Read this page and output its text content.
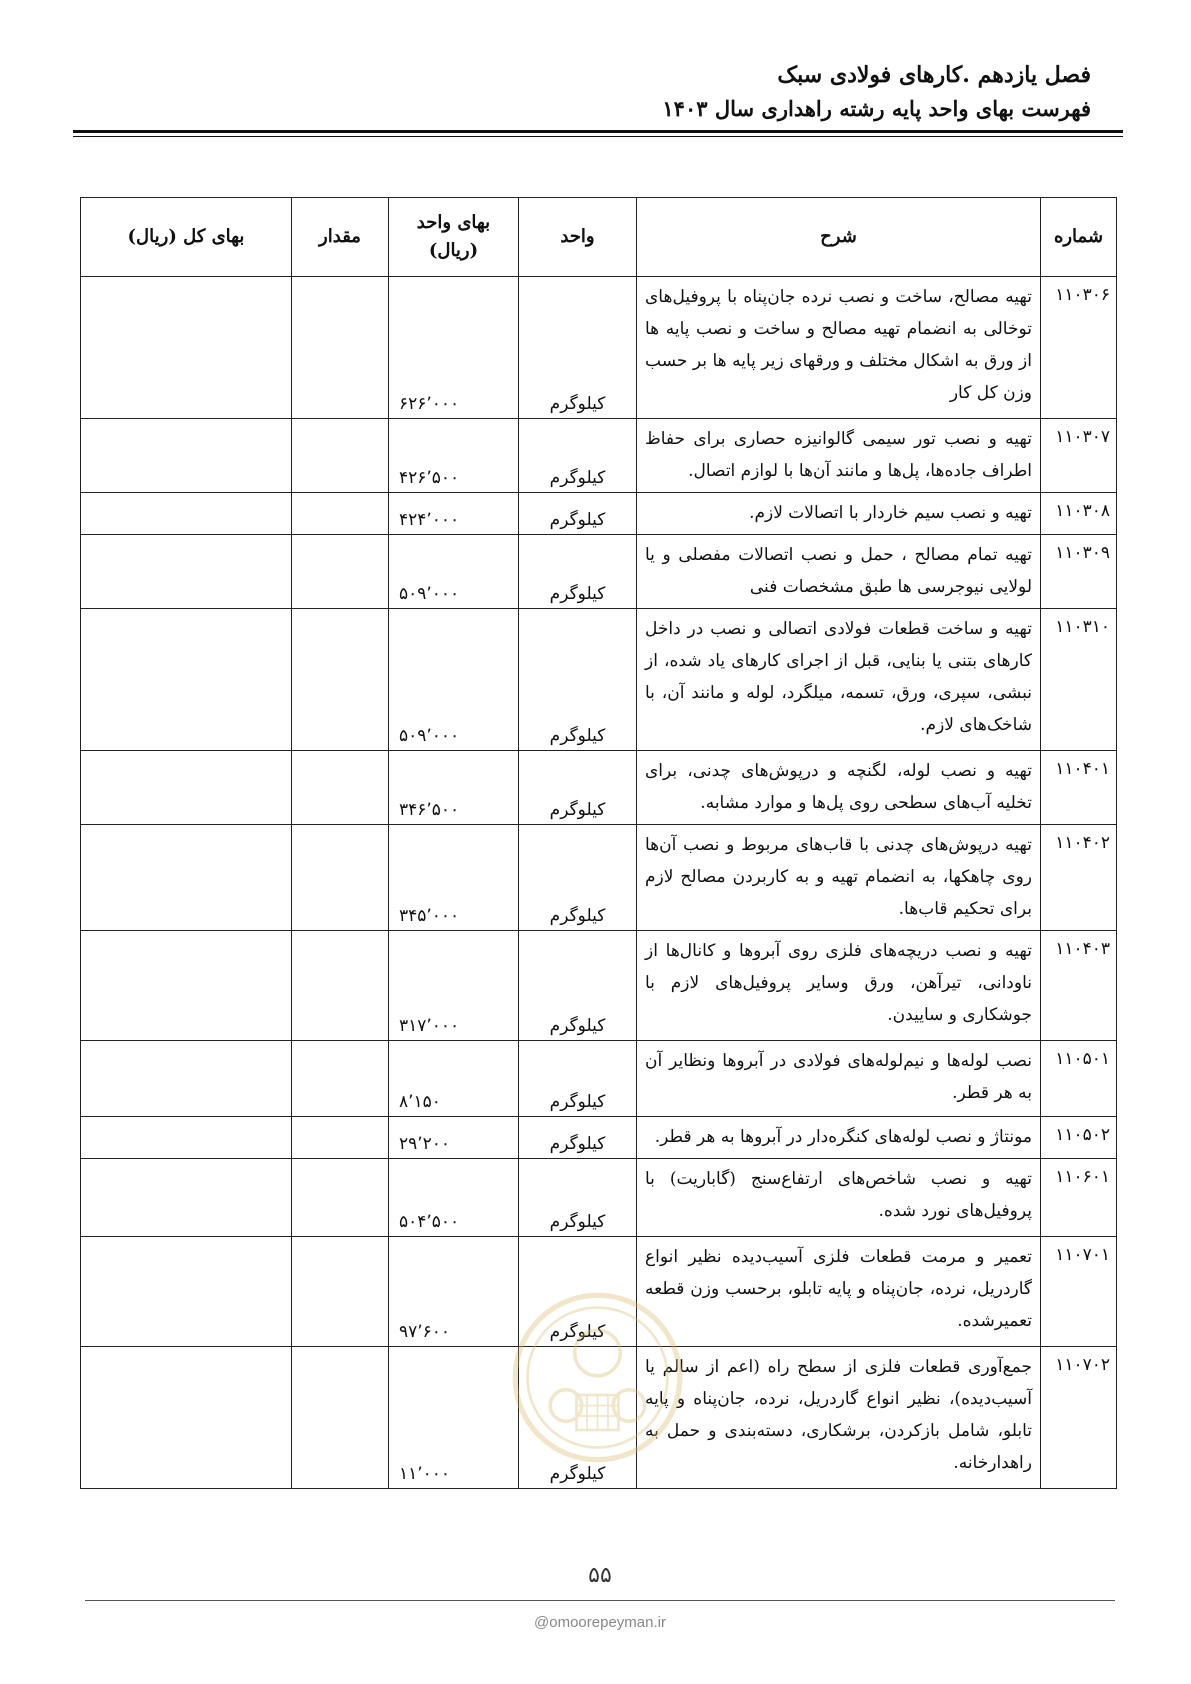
فصل یازدهم .کارهای فولادی سبک
فهرست بهای واحد پایه رشته راهداری سال ۱۴۰۳
شماره	شرح	واحد	بهای واحد (ریال)	مقدار	بهای کل (ریال)
۱۱۰۳۰۶	تهیه مصالح، ساخت و نصب نرده جان‌پناه با پروفیل‌های توخالی به انضمام تهیه مصالح و ساخت و نصب پایه ها از ورق به اشکال مختلف و ورقهای زیر پایه ها بر حسب وزن کل کار	کیلوگرم	۶۲۶٬۰۰۰		
۱۱۰۳۰۷	تهیه و نصب تور سیمی گالوانیزه حصاری برای حفاظ اطراف جاده‌ها، پل‌ها و مانند آن‌ها با لوازم اتصال.	کیلوگرم	۴۲۶٬۵۰۰		
۱۱۰۳۰۸	تهیه و نصب سیم خاردار با اتصالات لازم.	کیلوگرم	۴۲۴٬۰۰۰		
۱۱۰۳۰۹	تهیه تمام مصالح ، حمل و نصب اتصالات مفصلی و یا لولایی نیوجرسی ها طبق مشخصات فنی	کیلوگرم	۵۰۹٬۰۰۰		
۱۱۰۳۱۰	تهیه و ساخت قطعات فولادی اتصالی و نصب در داخل کارهای بتنی یا بنایی، قبل از اجرای کارهای یاد شده، از نبشی، سپری، ورق، تسمه، میلگرد، لوله و مانند آن، با شاخک‌های لازم.	کیلوگرم	۵۰۹٬۰۰۰		
۱۱۰۴۰۱	تهیه و نصب لوله، لگنچه و درپوش‌های چدنی، برای تخلیه آب‌های سطحی روی پل‌ها و موارد مشابه.	کیلوگرم	۳۴۶٬۵۰۰		
۱۱۰۴۰۲	تهیه درپوش‌های چدنی با قاب‌های مربوط و نصب آن‌ها روی چاهکها، به انضمام تهیه و به کاربردن مصالح لازم برای تحکیم قاب‌ها.	کیلوگرم	۳۴۵٬۰۰۰		
۱۱۰۴۰۳	تهیه و نصب دریچه‌های فلزی روی آبروها و کانال‌ها از ناودانی، تیرآهن، ورق وسایر پروفیل‌های لازم با جوشکاری و ساییدن.	کیلوگرم	۳۱۷٬۰۰۰		
۱۱۰۵۰۱	نصب لوله‌ها و نیم‌لوله‌های فولادی در آبروها ونظایر آن به هر قطر.	کیلوگرم	۸٬۱۵۰		
۱۱۰۵۰۲	مونتاژ و نصب لوله‌های کنگره‌دار در آبروها به هر قطر.	کیلوگرم	۲۹٬۲۰۰		
۱۱۰۶۰۱	تهیه و نصب شاخص‌های ارتفاع‌سنج (گاباریت) با پروفیل‌های نورد شده.	کیلوگرم	۵۰۴٬۵۰۰		
۱۱۰۷۰۱	تعمیر و مرمت قطعات فلزی آسیب‌دیده نظیر انواع گاردریل، نرده، جان‌پناه و پایه تابلو، برحسب وزن قطعه تعمیرشده.	کیلوگرم	۹۷٬۶۰۰		
۱۱۰۷۰۲	جمع‌آوری قطعات فلزی از سطح راه (اعم از سالم یا آسیب‌دیده)، نظیر انواع گاردریل، نرده، جان‌پناه و پایه تابلو، شامل بازکردن، برشکاری، دسته‌بندی و حمل به راهدارخانه.	کیلوگرم	۱۱٬۰۰۰		
۵۵
@omoorepeyman.ir
